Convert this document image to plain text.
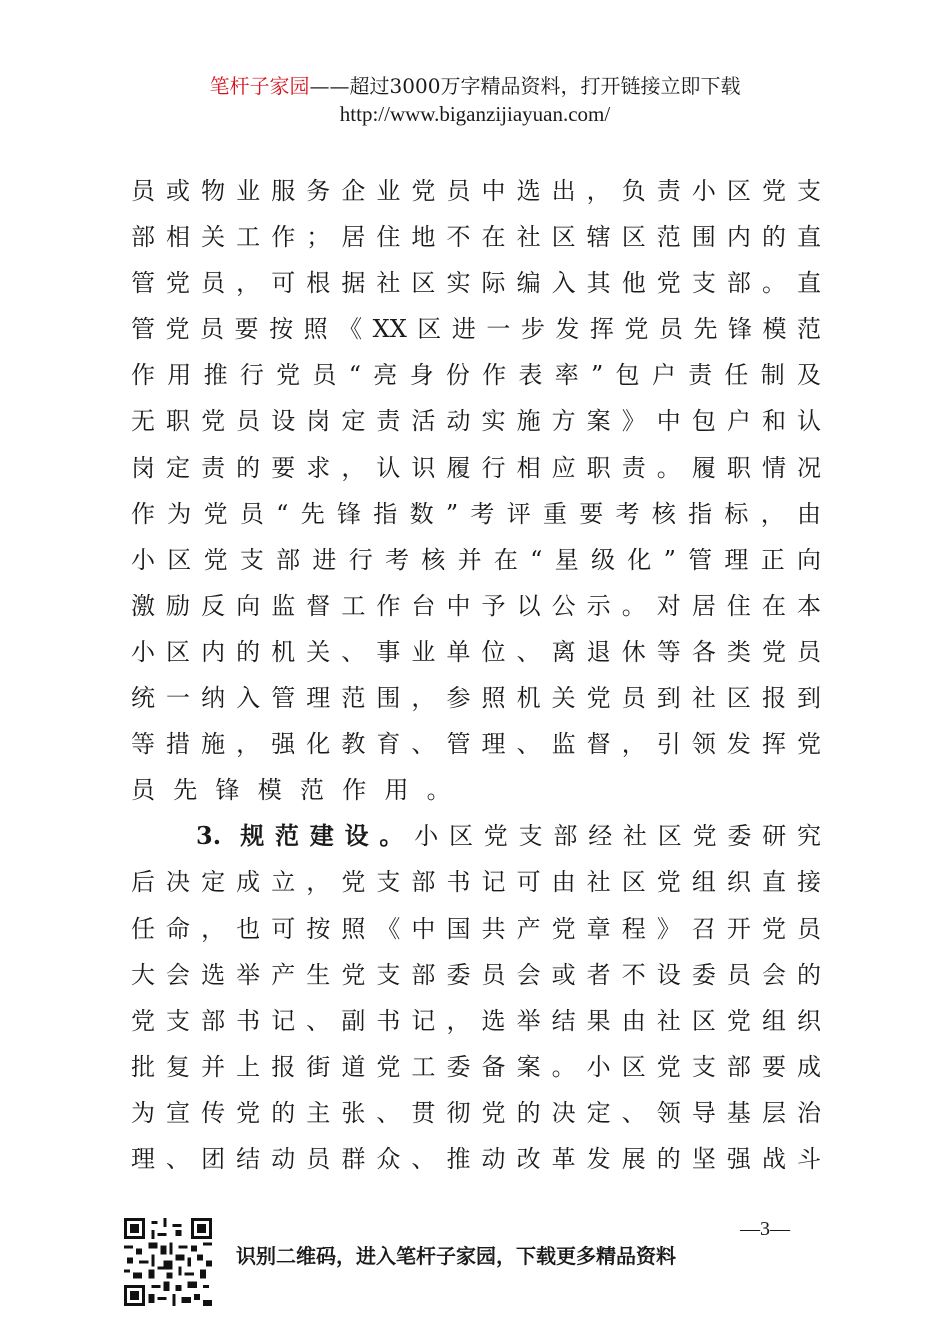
笔杆子家园——超过3000万字精品资料，打开链接立即下载
http://www.biganzijiayuan.com/
员或物业服务企业党员中选出，负责小区党支
部相关工作；居住地不在社区辖区范围内的直
管党员，可根据社区实际编入其他党支部。直
管党员要按照《XX区进一步发挥党员先锋模范
作用推行党员“亮身份作表率”包户责任制及
无职党员设岗定责活动实施方案》中包户和认
岗定责的要求，认识履行相应职责。履职情况
作为党员“先锋指数”考评重要考核指标，由
小区党支部进行考核并在“星级化”管理正向
激励反向监督工作台中予以公示。对居住在本
小区内的机关、事业单位、离退休等各类党员
统一纳入管理范围，参照机关党员到社区报到
等措施，强化教育、管理、监督，引领发挥党
员先锋模范作用。
3. 规范建设。小区党支部经社区党委研究
后决定成立，党支部书记可由社区党组织直接
任命，也可按照《中国共产党章程》召开党员
大会选举产生党支部委员会或者不设委员会的
党支部书记、副书记，选举结果由社区党组织
批复并上报街道党工委备案。小区党支部要成
为宣传党的主张、贯彻党的决定、领导基层治
理、团结动员群众、推动改革发展的坚强战斗
—3—
识别二维码，进入笔杆子家园，下载更多精品资料
